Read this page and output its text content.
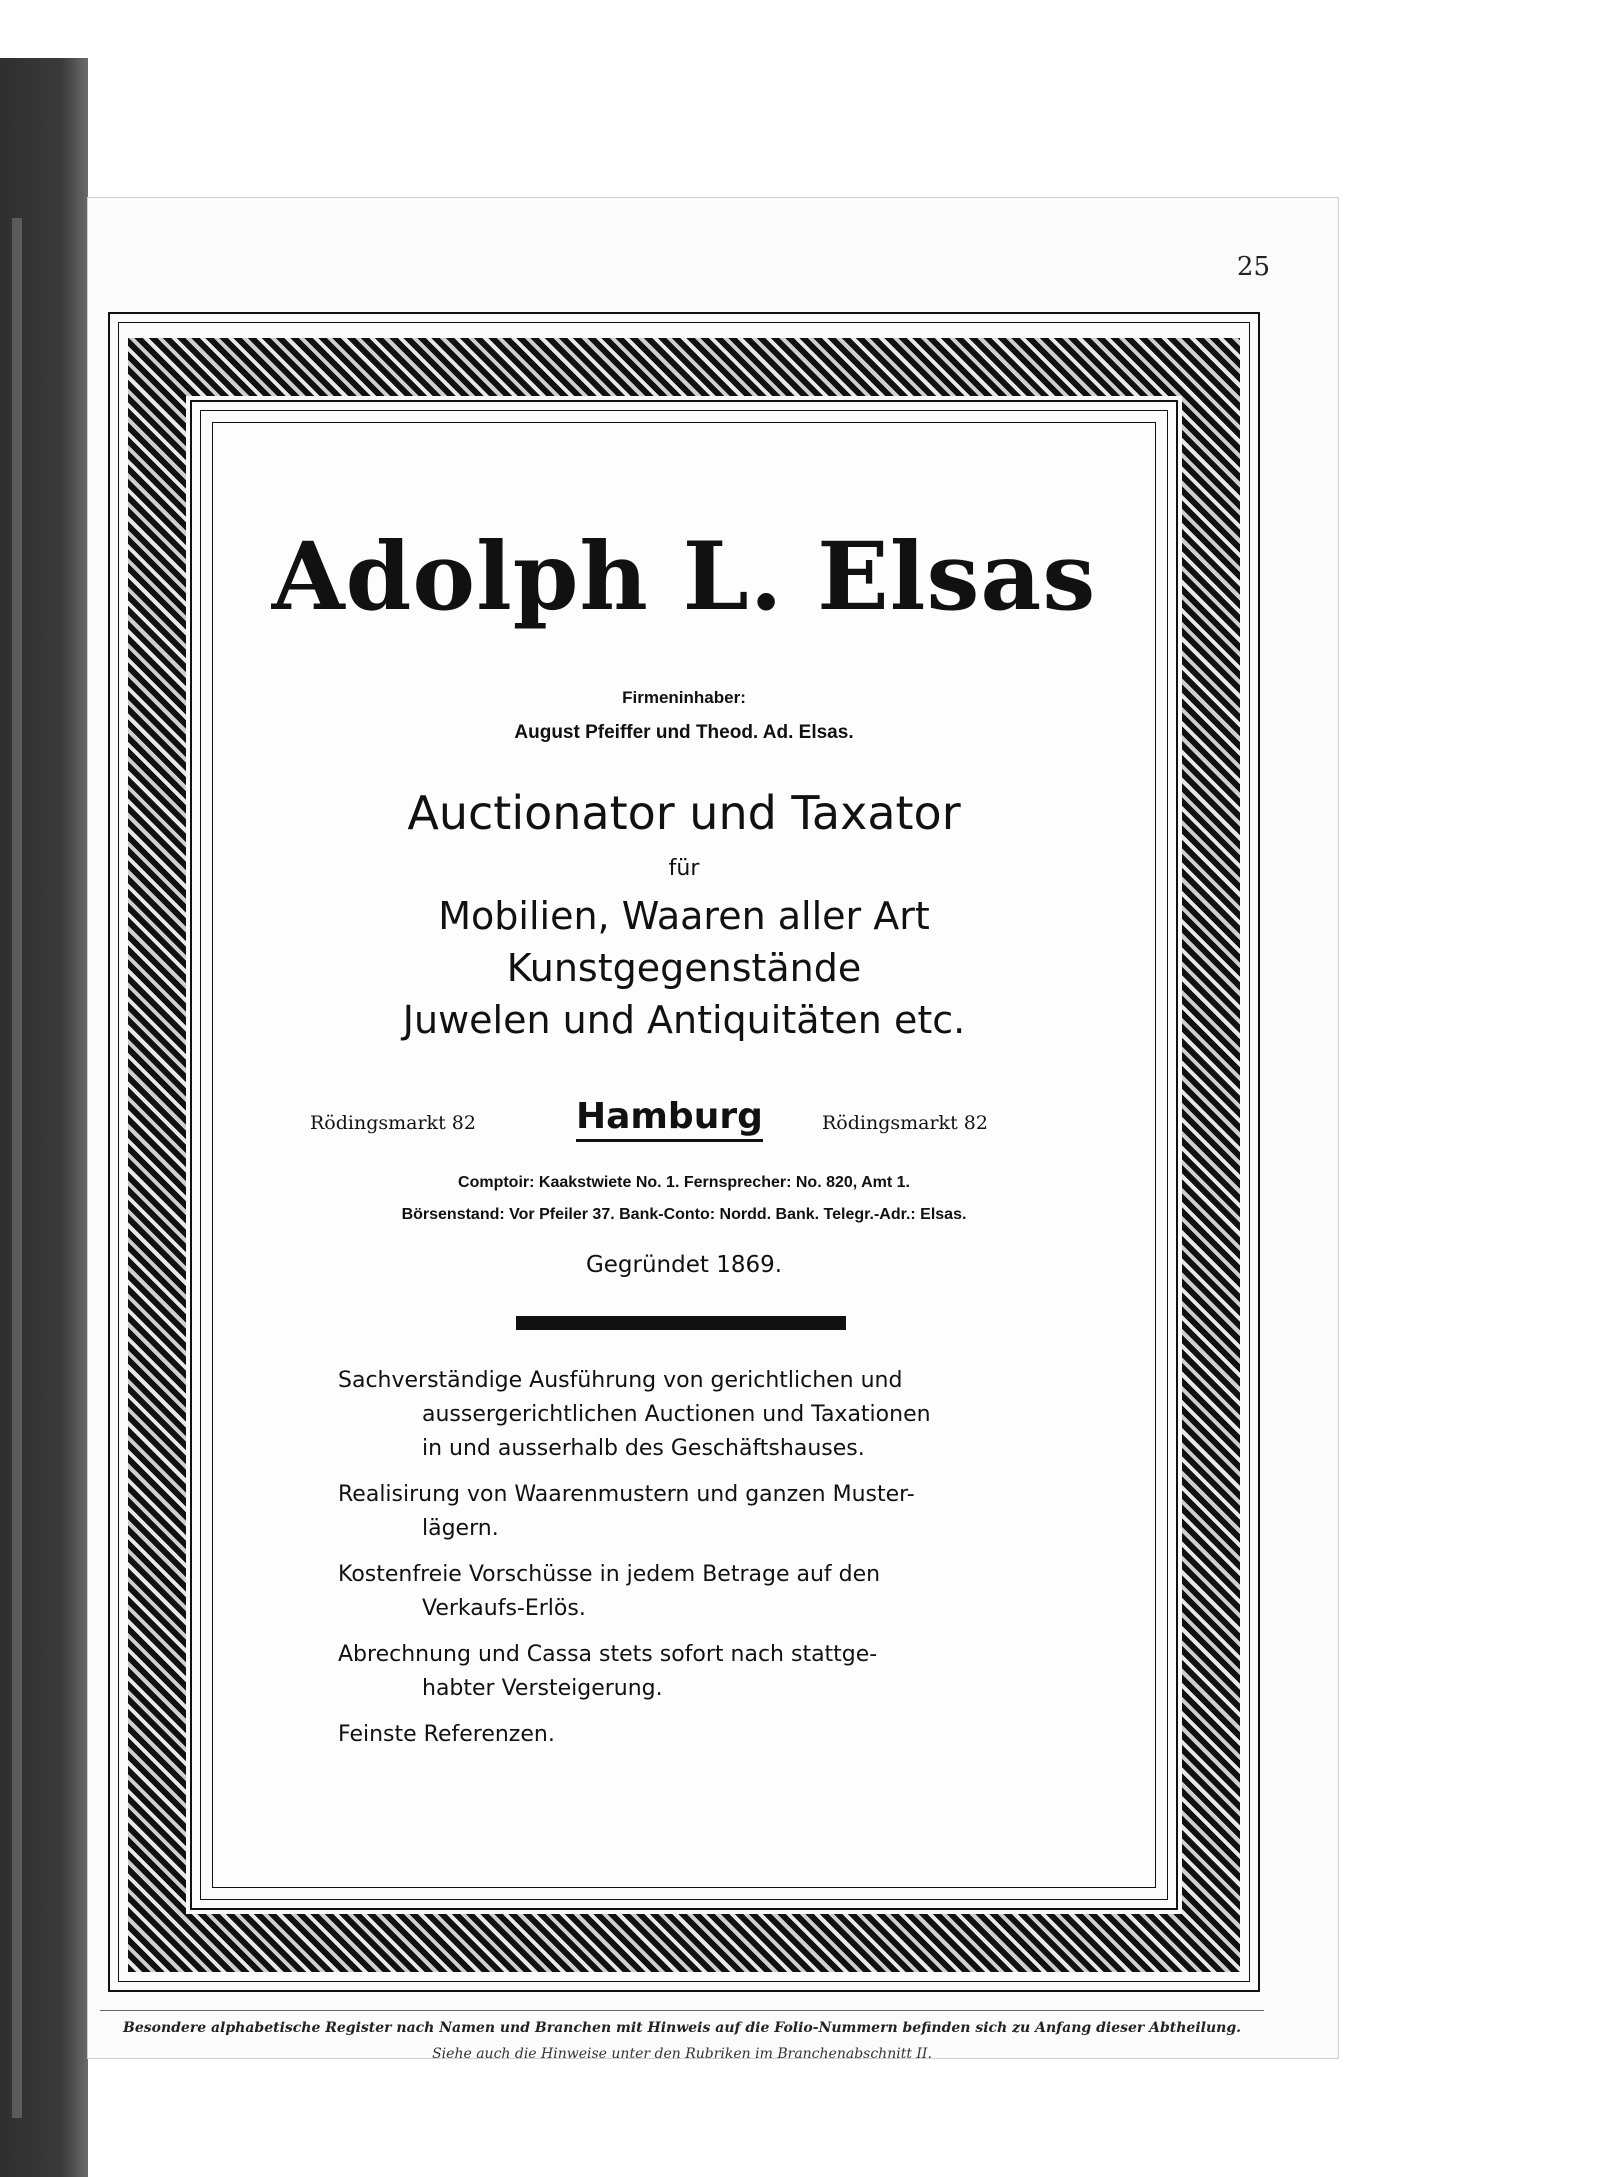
25
Adolph L. Elsas
Firmeninhaber:
August Pfeiffer und Theod. Ad. Elsas.
Auctionator und Taxator
für
Mobilien, Waaren aller Art
Kunstgegenstände
Juwelen und Antiquitäten etc.
Rödingsmarkt 82	Hamburg	Rödingsmarkt 82
Comptoir: Kaakstwiete No. 1. Fernsprecher: No. 820, Amt 1.
Börsenstand: Vor Pfeiler 37. Bank-Conto: Nordd. Bank. Telegr.-Adr.: Elsas.
Gegründet 1869.
Sachverständige Ausführung von gerichtlichen und
aussergerichtlichen Auctionen und Taxationen
in und ausserhalb des Geschäftshauses.
Realisirung von Waarenmustern und ganzen Muster-
lägern.
Kostenfreie Vorschüsse in jedem Betrage auf den
Verkaufs-Erlös.
Abrechnung und Cassa stets sofort nach stattge-
habter Versteigerung.
Feinste Referenzen.
Besondere alphabetische Register nach Namen und Branchen mit Hinweis auf die Folio-Nummern befinden sich zu Anfang dieser Abtheilung.
Siehe auch die Hinweise unter den Rubriken im Branchenabschnitt II.
